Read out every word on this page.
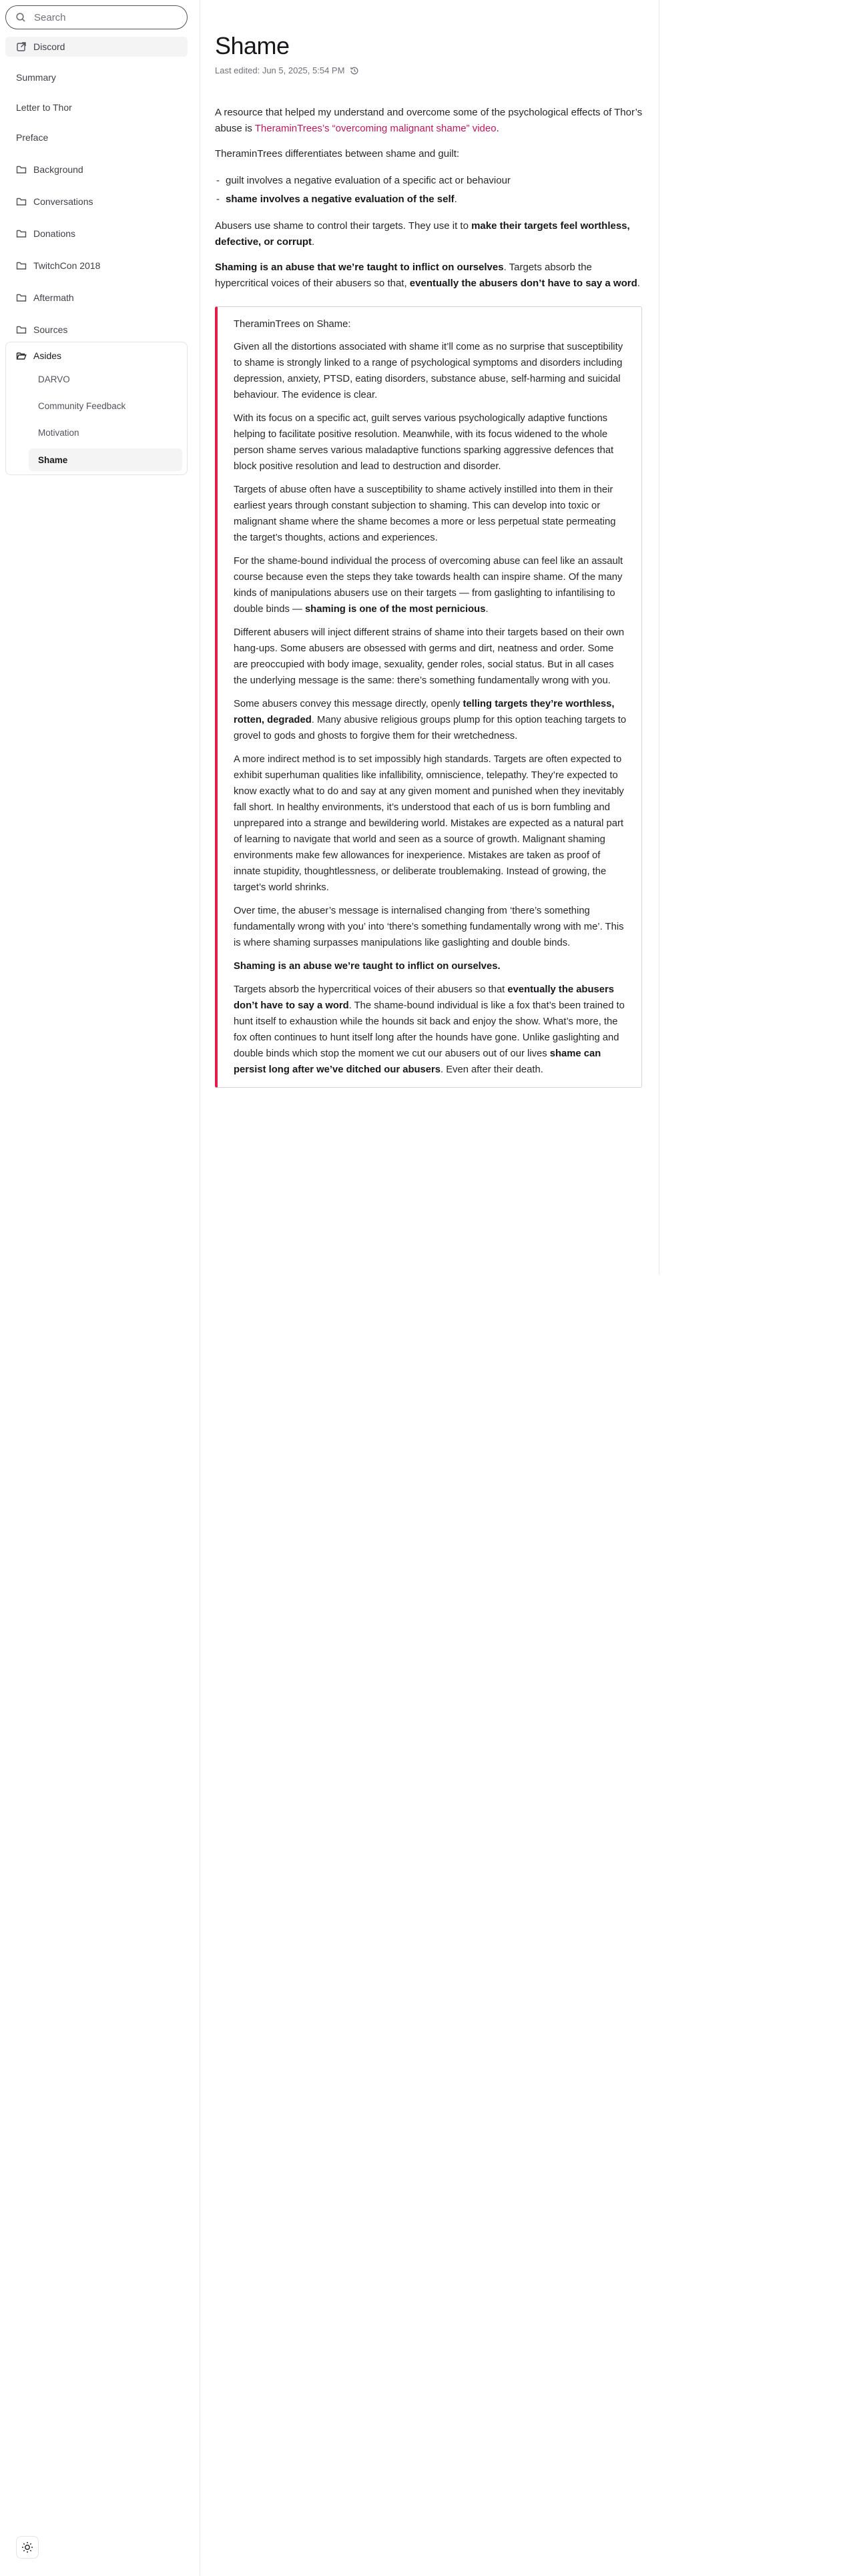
Search
Discord
Summary
Letter to Thor
Preface
Background
Conversations
Donations
TwitchCon 2018
Aftermath
Sources
Asides
DARVO
Community Feedback
Motivation
Shame
Shame
Last edited: Jun 5, 2025, 5:54 PM

A resource that helped my understand and overcome some of the psychological effects of Thor’s abuse is TheraminTrees’s “overcoming malignant shame” video.

TheraminTrees differentiates between shame and guilt:

- guilt involves a negative evaluation of a specific act or behaviour
- shame involves a negative evaluation of the self.

Abusers use shame to control their targets. They use it to make their targets feel worthless, defective, or corrupt.

Shaming is an abuse that we’re taught to inflict on ourselves. Targets absorb the hypercritical voices of their abusers so that, eventually the abusers don’t have to say a word.

TheraminTrees on Shame:

Given all the distortions associated with shame it’ll come as no surprise that susceptibility to shame is strongly linked to a range of psychological symptoms and disorders including depression, anxiety, PTSD, eating disorders, substance abuse, self-harming and suicidal behaviour. The evidence is clear.

With its focus on a specific act, guilt serves various psychologically adaptive functions helping to facilitate positive resolution. Meanwhile, with its focus widened to the whole person shame serves various maladaptive functions sparking aggressive defences that block positive resolution and lead to destruction and disorder.

Targets of abuse often have a susceptibility to shame actively instilled into them in their earliest years through constant subjection to shaming. This can develop into toxic or malignant shame where the shame becomes a more or less perpetual state permeating the target’s thoughts, actions and experiences.

For the shame-bound individual the process of overcoming abuse can feel like an assault course because even the steps they take towards health can inspire shame. Of the many kinds of manipulations abusers use on their targets — from gaslighting to infantilising to double binds — shaming is one of the most pernicious.

Different abusers will inject different strains of shame into their targets based on their own hang-ups. Some abusers are obsessed with germs and dirt, neatness and order. Some are preoccupied with body image, sexuality, gender roles, social status. But in all cases the underlying message is the same: there’s something fundamentally wrong with you.

Some abusers convey this message directly, openly telling targets they’re worthless, rotten, degraded. Many abusive religious groups plump for this option teaching targets to grovel to gods and ghosts to forgive them for their wretchedness.

A more indirect method is to set impossibly high standards. Targets are often expected to exhibit superhuman qualities like infallibility, omniscience, telepathy. They’re expected to know exactly what to do and say at any given moment and punished when they inevitably fall short. In healthy environments, it’s understood that each of us is born fumbling and unprepared into a strange and bewildering world. Mistakes are expected as a natural part of learning to navigate that world and seen as a source of growth. Malignant shaming environments make few allowances for inexperience. Mistakes are taken as proof of innate stupidity, thoughtlessness, or deliberate troublemaking. Instead of growing, the target’s world shrinks.

Over time, the abuser’s message is internalised changing from ‘there’s something fundamentally wrong with you’ into ‘there’s something fundamentally wrong with me’. This is where shaming surpasses manipulations like gaslighting and double binds.

Shaming is an abuse we’re taught to inflict on ourselves.

Targets absorb the hypercritical voices of their abusers so that eventually the abusers don’t have to say a word. The shame-bound individual is like a fox that’s been trained to hunt itself to exhaustion while the hounds sit back and enjoy the show. What’s more, the fox often continues to hunt itself long after the hounds have gone. Unlike gaslighting and double binds which stop the moment we cut our abusers out of our lives shame can persist long after we’ve ditched our abusers. Even after their death.
